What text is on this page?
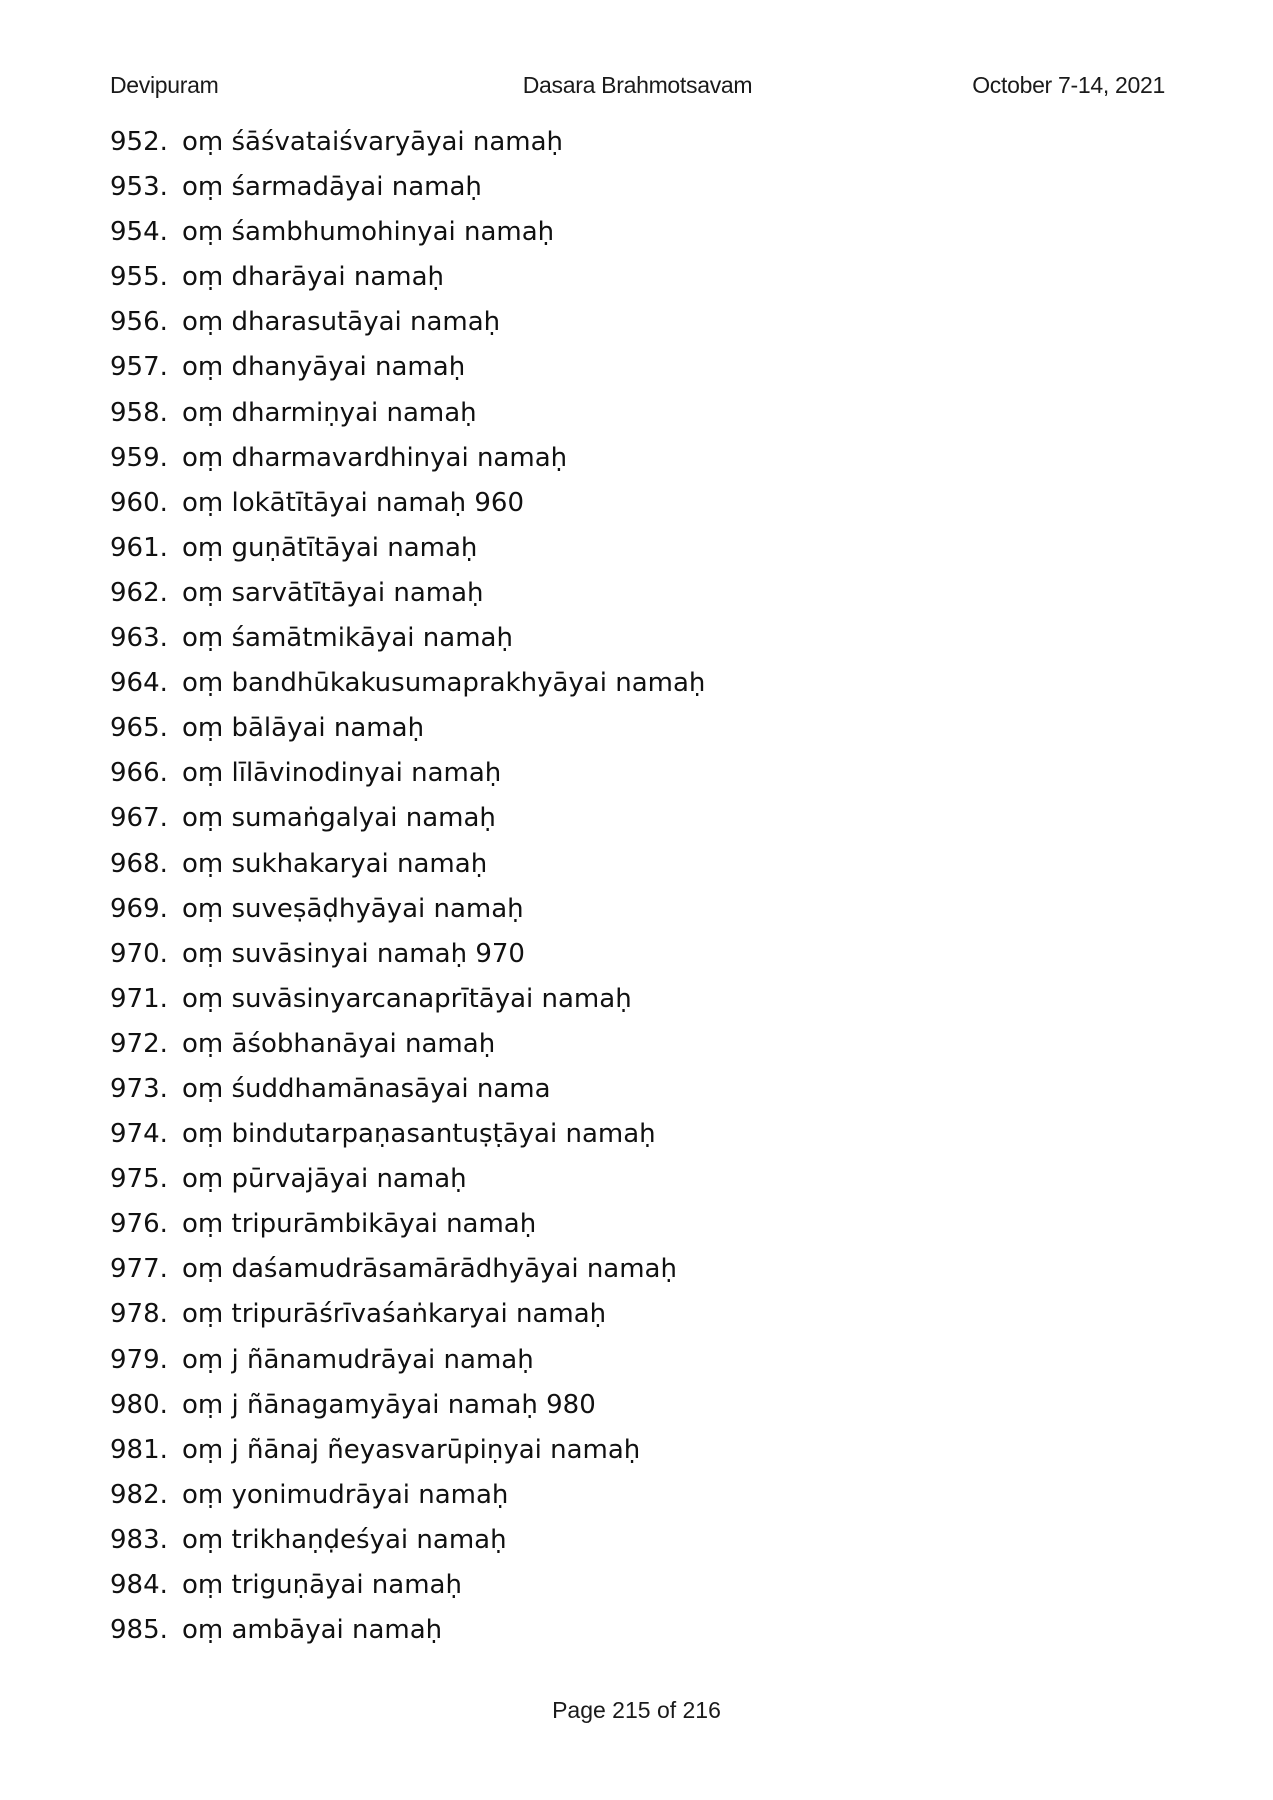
Devipuram	Dasara Brahmotsavam	October 7-14, 2021
952. oṃ śāśvataiśvaryāyai namaḥ
953. oṃ śarmadāyai namaḥ
954. oṃ śambhumohinyai namaḥ
955. oṃ dharāyai namaḥ
956. oṃ dharasutāyai namaḥ
957. oṃ dhanyāyai namaḥ
958. oṃ dharmiṇyai namaḥ
959. oṃ dharmavardhinyai namaḥ
960. oṃ lokātītāyai namaḥ 960
961. oṃ guṇātītāyai namaḥ
962. oṃ sarvātītāyai namaḥ
963. oṃ śamātmikāyai namaḥ
964. oṃ bandhūkakusumaprakhyāyai namaḥ
965. oṃ bālāyai namaḥ
966. oṃ līlāvinodinyai namaḥ
967. oṃ sumaṅgalyai namaḥ
968. oṃ sukhakaryai namaḥ
969. oṃ suveṣāḍhyāyai namaḥ
970. oṃ suvāsinyai namaḥ 970
971. oṃ suvāsinyarcanaprītāyai namaḥ
972. oṃ āśobhanāyai namaḥ
973. oṃ śuddhamānasāyai nama
974. oṃ bindutarpaṇasantuṣṭāyai namaḥ
975. oṃ pūrvajāyai namaḥ
976. oṃ tripurāmbikāyai namaḥ
977. oṃ daśamudrāsamārādhyāyai namaḥ
978. oṃ tripurāśrīvaśaṅkaryai namaḥ
979. oṃ j ñānamudrāyai namaḥ
980. oṃ j ñānagamyāyai namaḥ 980
981. oṃ j ñānaj ñeyasvarūpiṇyai namaḥ
982. oṃ yonimudrāyai namaḥ
983. oṃ trikhaṇḍeśyai namaḥ
984. oṃ triguṇāyai namaḥ
985. oṃ ambāyai namaḥ
Page 215 of 216
